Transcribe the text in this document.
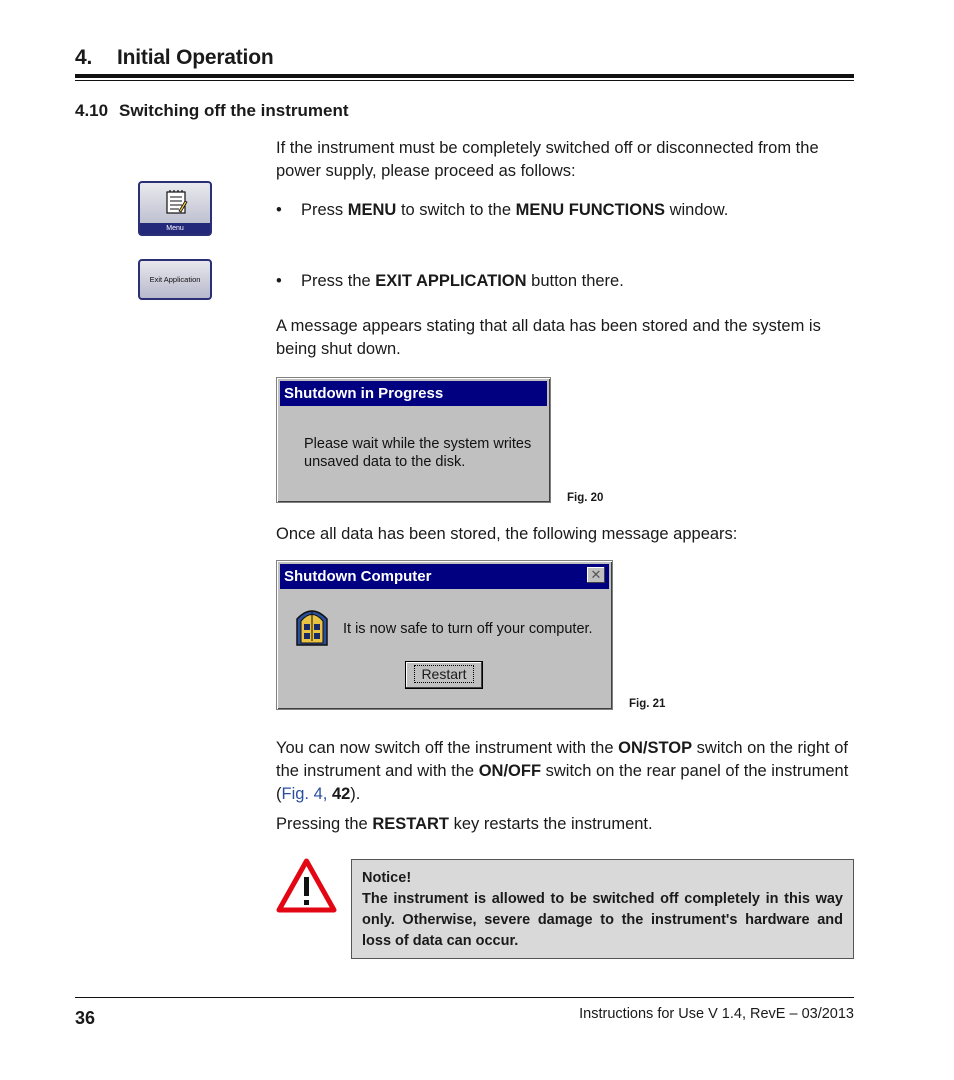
4. Initial Operation
4.10 Switching off the instrument
If the instrument must be completely switched off or disconnected from the power supply, please proceed as follows:
Menu
• Press MENU to switch to the MENU FUNCTIONS window.
Exit Application	• Press the EXIT APPLICATION button there.
A message appears stating that all data has been stored and the system is being shut down.
Shutdown in Progress
Please wait while the system writes
unsaved data to the disk.
Fig. 20
Once all data has been stored, the following message appears:
Shutdown Computer	✕
It is now safe to turn off your computer.
Restart
Fig. 21
You can now switch off the instrument with the ON/STOP switch on the right of the instrument and with the ON/OFF switch on the rear panel of the instrument (Fig. 4, 42).
Pressing the RESTART key restarts the instrument.
Notice!
The instrument is allowed to be switched off completely in this way only. Otherwise, severe damage to the instrument's hardware and loss of data can occur.
36	Instructions for Use V 1.4, RevE – 03/2013
